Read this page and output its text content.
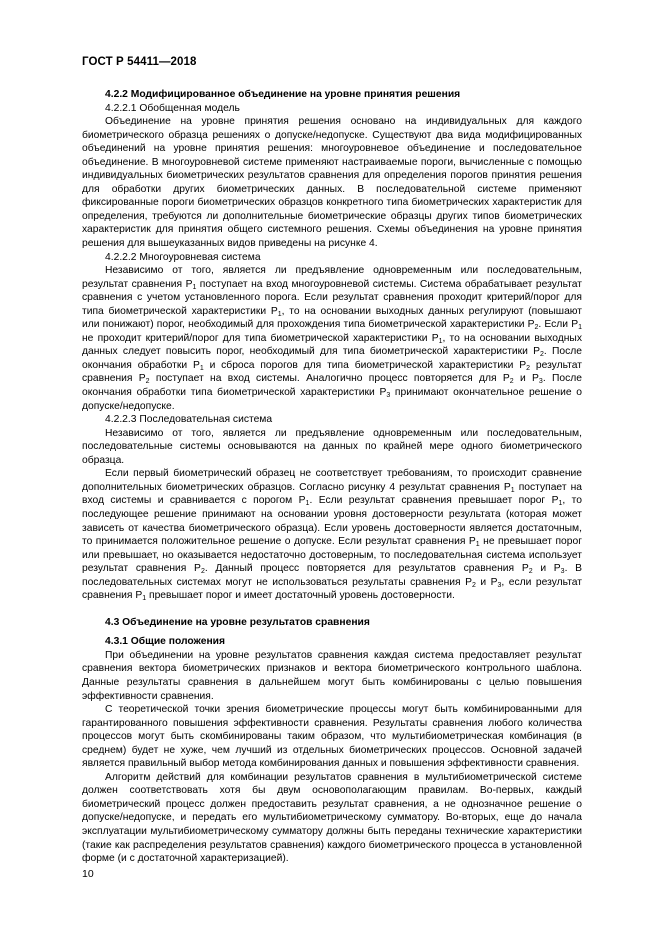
ГОСТ Р 54411—2018

4.2.2 Модифицированное объединение на уровне принятия решения

4.2.2.1 Обобщенная модель

Объединение на уровне принятия решения основано на индивидуальных для каждого биометрического образца решениях о допуске/недопуске. Существуют два вида модифицированных объединений на уровне принятия решения: многоуровневое объединение и последовательное объединение. В многоуровневой системе применяют настраиваемые пороги, вычисленные с помощью индивидуальных биометрических результатов сравнения для определения порогов принятия решения для обработки других биометрических данных. В последовательной системе применяют фиксированные пороги биометрических образцов конкретного типа биометрических характеристик для определения, требуются ли дополнительные биометрические образцы других типов биометрических характеристик для принятия общего системного решения. Схемы объединения на уровне принятия решения для вышеуказанных видов приведены на рисунке 4.

4.2.2.2 Многоуровневая система

Независимо от того, является ли предъявление одновременным или последовательным, результат сравнения $Р_1$ поступает на вход многоуровневой системы. Система обрабатывает результат сравнения с учетом установленного порога. Если результат сравнения проходит критерий/порог для типа биометрической характеристики $Р_1$, то на основании выходных данных регулируют (повышают или понижают) порог, необходимый для прохождения типа биометрической характеристики $Р_2$. Если $Р_1$ не проходит критерий/порог для типа биометрической характеристики $Р_1$, то на основании выходных данных следует повысить порог, необходимый для типа биометрической характеристики $Р_2$. После окончания обработки $Р_1$ и сброса порогов для типа биометрической характеристики $Р_2$ результат сравнения $Р_2$ поступает на вход системы. Аналогично процесс повторяется для $Р_2$ и $Р_3$. После окончания обработки типа биометрической характеристики $Р_3$ принимают окончательное решение о допуске/недопуске.

4.2.2.3 Последовательная система

Независимо от того, является ли предъявление одновременным или последовательным, последовательные системы основываются на данных по крайней мере одного биометрического образца.

Если первый биометрический образец не соответствует требованиям, то происходит сравнение дополнительных биометрических образцов. Согласно рисунку 4 результат сравнения $Р_1$ поступает на вход системы и сравнивается с порогом $Р_1$. Если результат сравнения превышает порог $Р_1$, то последующее решение принимают на основании уровня достоверности результата (которая может зависеть от качества биометрического образца). Если уровень достоверности является достаточным, то принимается положительное решение о допуске. Если результат сравнения $Р_1$ не превышает порог или превышает, но оказывается недостаточно достоверным, то последовательная система использует результат сравнения $Р_2$. Данный процесс повторяется для результатов сравнения $Р_2$ и $Р_3$. В последовательных системах могут не использоваться результаты сравнения $Р_2$ и $Р_3$, если результат сравнения $Р_1$ превышает порог и имеет достаточный уровень достоверности.

4.3 Объединение на уровне результатов сравнения

4.3.1 Общие положения

При объединении на уровне результатов сравнения каждая система предоставляет результат сравнения вектора биометрических признаков и вектора биометрического контрольного шаблона. Данные результаты сравнения в дальнейшем могут быть комбинированы с целью повышения эффективности сравнения.

С теоретической точки зрения биометрические процессы могут быть комбинированными для гарантированного повышения эффективности сравнения. Результаты сравнения любого количества процессов могут быть скомбинированы таким образом, что мультибиометрическая комбинация (в среднем) будет не хуже, чем лучший из отдельных биометрических процессов. Основной задачей является правильный выбор метода комбинирования данных и повышения эффективности сравнения.

Алгоритм действий для комбинации результатов сравнения в мультибиометрической системе должен соответствовать хотя бы двум основополагающим правилам. Во-первых, каждый биометрический процесс должен предоставить результат сравнения, а не однозначное решение о допуске/недопуске, и передать его мультибиометрическому сумматору. Во-вторых, еще до начала эксплуатации мультибиометрическому сумматору должны быть переданы технические характеристики (такие как распределения результатов сравнения) каждого биометрического процесса в установленной форме (и с достаточной характеризацией).

10
